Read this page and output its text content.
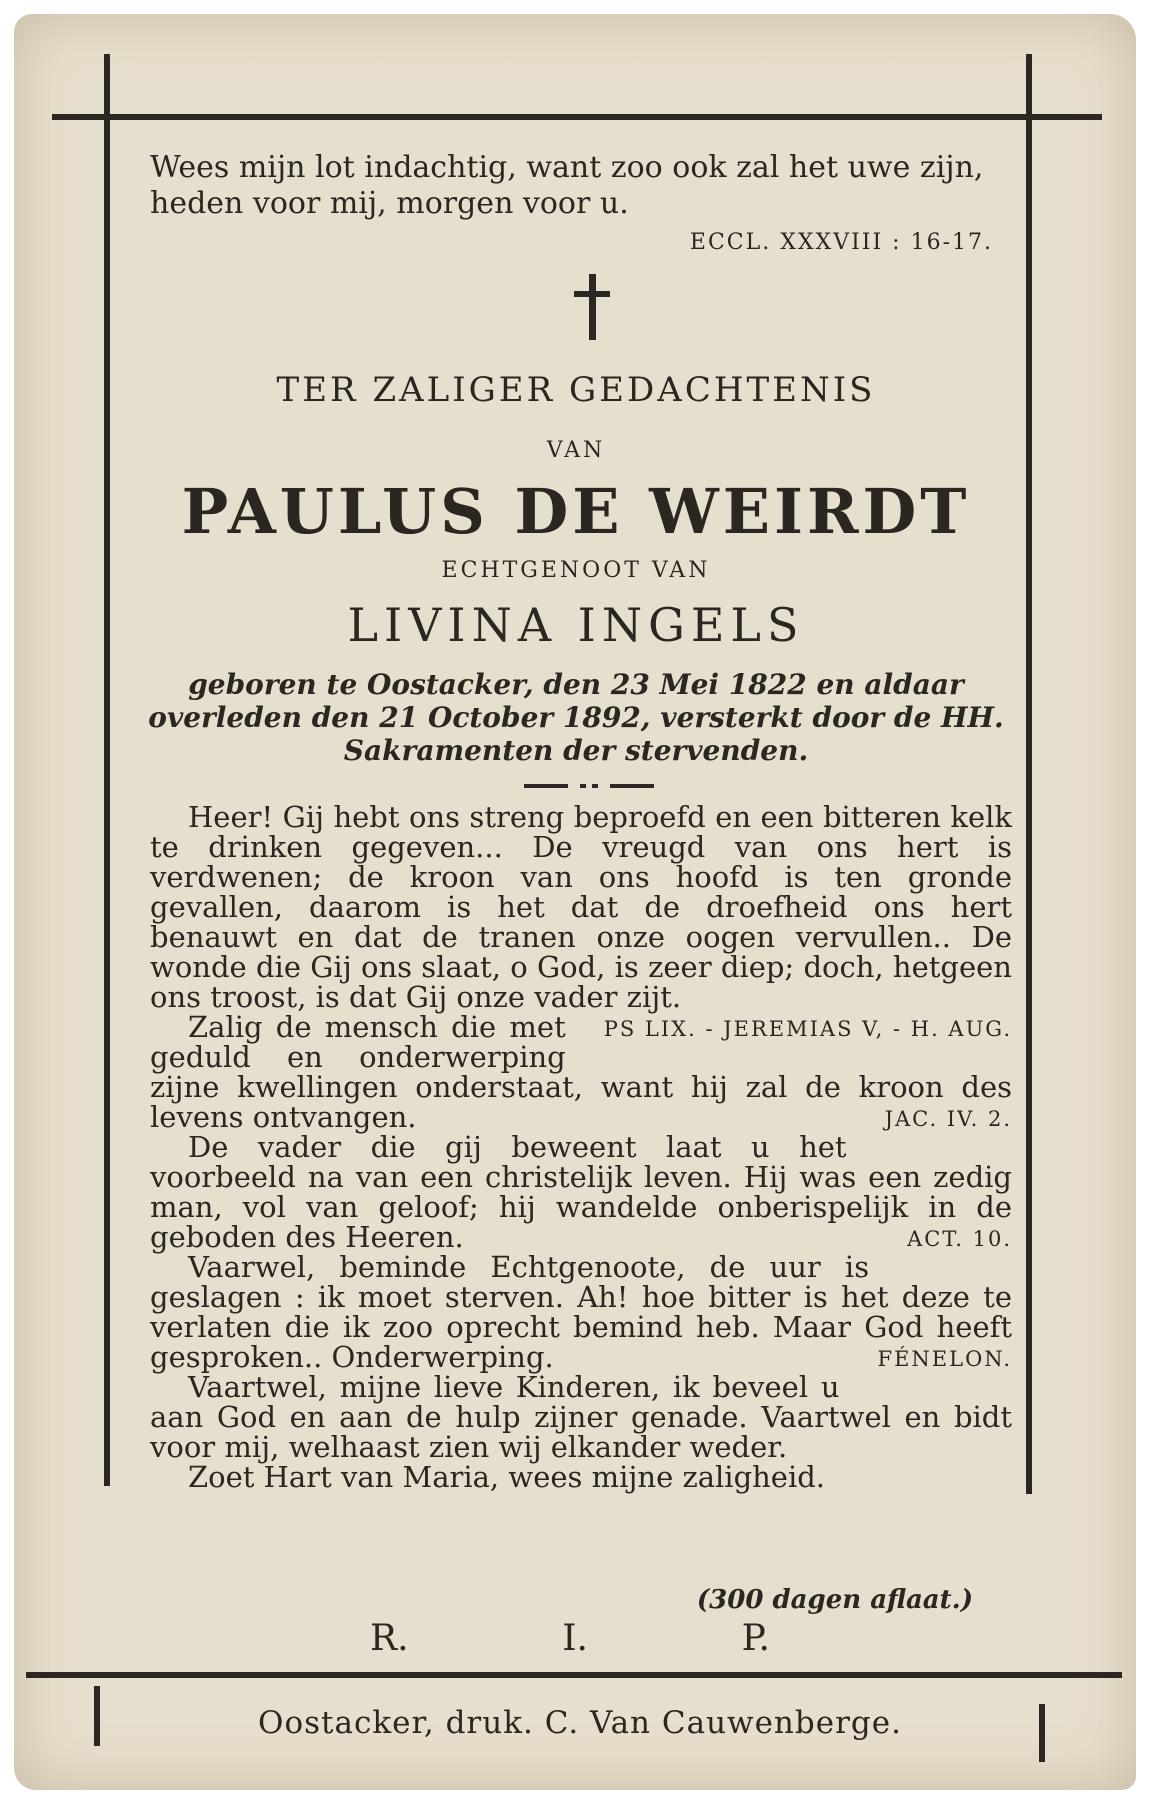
Wees mijn lot indachtig, want zoo ook zal het uwe zijn, heden voor mij, morgen voor u.
ECCL. XXXVIII : 16-17.
TER ZALIGER GEDACHTENIS
VAN
PAULUS DE WEIRDT
ECHTGENOOT VAN
LIVINA INGELS
geboren te Oostacker, den 23 Mei 1822 en aldaar overleden den 21 October 1892, versterkt door de HH. Sakramenten der stervenden.

Heer! Gij hebt ons streng beproefd en een bitteren kelk te drinken gegeven... De vreugd van ons hert is verdwenen; de kroon van ons hoofd is ten gronde gevallen, daarom is het dat de droefheid ons hert benauwt en dat de tranen onze oogen vervullen.. De wonde die Gij ons slaat, o God, is zeer diep; doch, hetgeen ons troost, is dat Gij onze vader zijt.
PS LIX. - JEREMIAS V, - H. AUG.

Zalig de mensch die met geduld en onderwerping zijne kwellingen onderstaat, want hij zal de kroon des levens ontvangen.	JAC. IV. 2.

De vader die gij beweent laat u het voorbeeld na van een christelijk leven. Hij was een zedig man, vol van geloof; hij wandelde onberispelijk in de geboden des Heeren.	ACT. 10.

Vaarwel, beminde Echtgenoote, de uur is geslagen : ik moet sterven. Ah! hoe bitter is het deze te verlaten die ik zoo oprecht bemind heb. Maar God heeft gesproken.. Onderwerping.	FÉNELON.

Vaartwel, mijne lieve Kinderen, ik beveel u aan God en aan de hulp zijner genade. Vaartwel en bidt voor mij, welhaast zien wij elkander weder.

Zoet Hart van Maria, wees mijne zaligheid.

(300 dagen aflaat.)
R.	I.	P.
Oostacker, druk. C. Van Cauwenberge.
